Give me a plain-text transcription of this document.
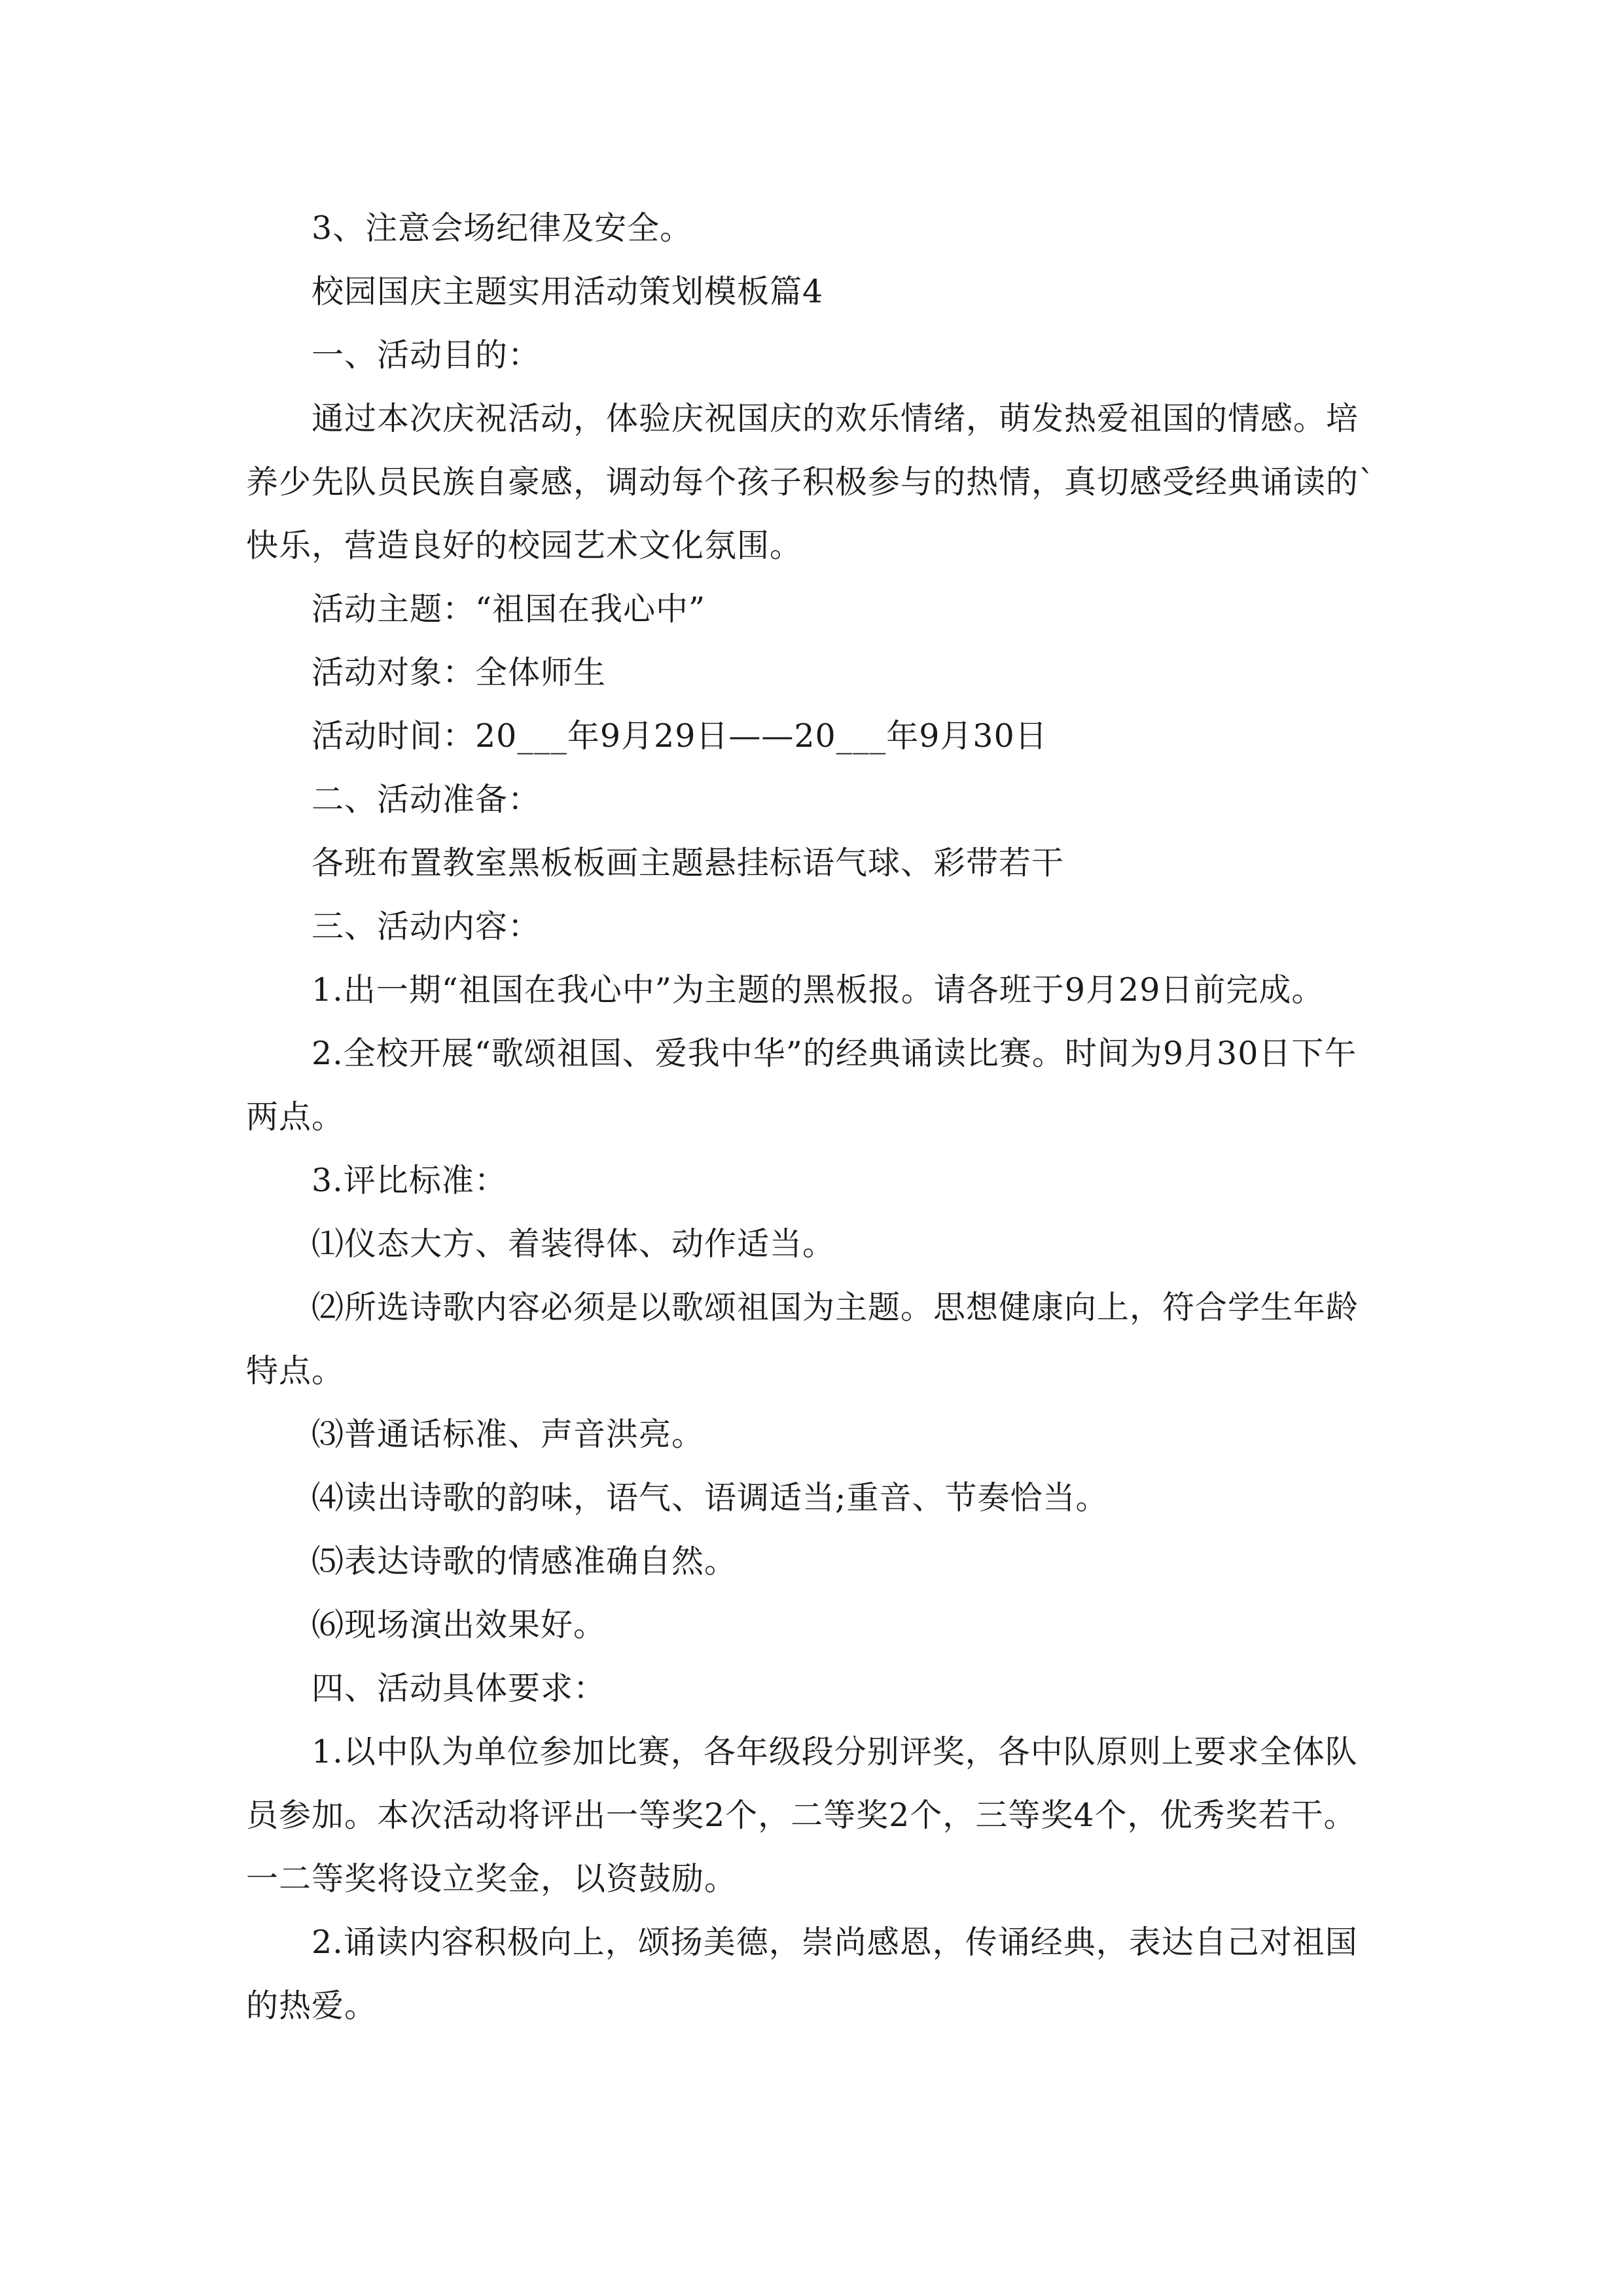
3、注意会场纪律及安全。

校园国庆主题实用活动策划模板篇4

一、活动目的：

通过本次庆祝活动，体验庆祝国庆的欢乐情绪，萌发热爱祖国的情感。培养少先队员民族自豪感，调动每个孩子积极参与的热情，真切感受经典诵读的`快乐，营造良好的校园艺术文化氛围。

活动主题：“祖国在我心中”

活动对象：全体师生

活动时间：20___年9月29日——20___年9月30日

二、活动准备：

各班布置教室黑板板画主题悬挂标语气球、彩带若干

三、活动内容：

1.出一期“祖国在我心中”为主题的黑板报。请各班于9月29日前完成。

2.全校开展“歌颂祖国、爱我中华”的经典诵读比赛。时间为9月30日下午两点。

3.评比标准：

⑴仪态大方、着装得体、动作适当。

⑵所选诗歌内容必须是以歌颂祖国为主题。思想健康向上，符合学生年龄特点。

⑶普通话标准、声音洪亮。

⑷读出诗歌的韵味，语气、语调适当;重音、节奏恰当。

⑸表达诗歌的情感准确自然。

⑹现场演出效果好。

四、活动具体要求：

1.以中队为单位参加比赛，各年级段分别评奖，各中队原则上要求全体队员参加。本次活动将评出一等奖2个，二等奖2个，三等奖4个，优秀奖若干。一二等奖将设立奖金，以资鼓励。

2.诵读内容积极向上，颂扬美德，崇尚感恩，传诵经典，表达自己对祖国的热爱。
